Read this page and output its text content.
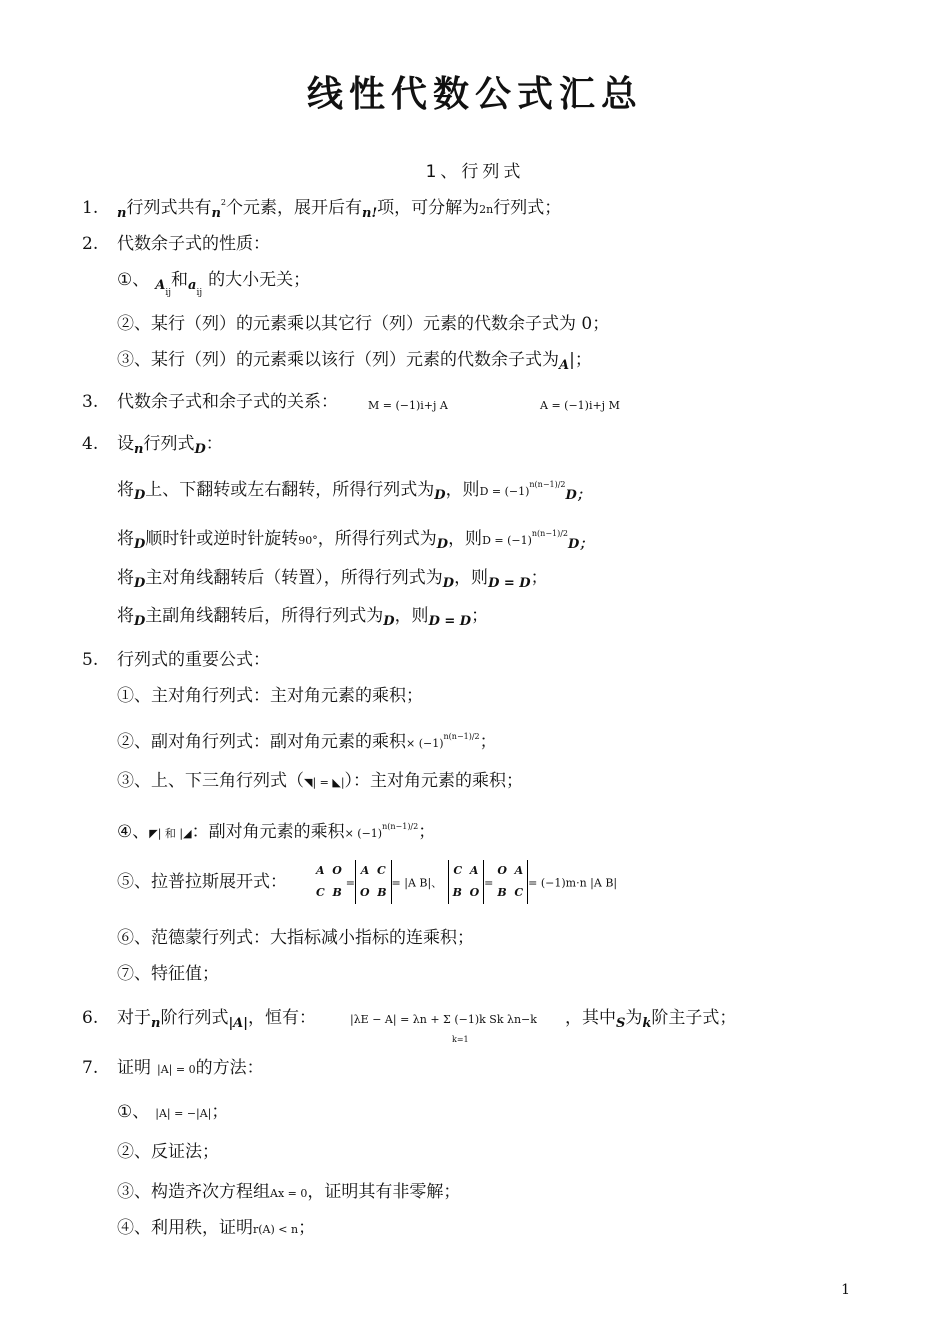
线性代数公式汇总
1、行列式
1. $_n$行列式共有$_n^2$个元素，展开后有$_{n!}$项，可分解为2n行列式；
2. 代数余子式的性质：
①、 $_{Aij}$和$_{aij}$的大小无关；
②、某行（列）的元素乘以其它行（列）元素的代数余子式为 0；
③、某行（列）的元素乘以该行（列）元素的代数余子式为$_A$|；
3. 代数余子式和余子式的关系：	M = (−1)i+j A	A = (−1)i+j M
4. 设$_n$行列式$_D$：
将$_D$上、下翻转或左右翻转，所得行列式为$_D$，则$D = (-1)^{n(n-1)/2}_{D;}$
将$_D$顺时针或逆时针旋转90°，所得行列式为$_D$，则$D = (-1)^{n(n-1)/2}_{D;}$
将$_D$主对角线翻转后（转置），所得行列式为$_D$，则$_{D = D}$；
将$_D$主副角线翻转后，所得行列式为$_D$，则$_{D = D}$；
5. 行列式的重要公式：
①、主对角行列式：主对角元素的乘积；
②、副对角行列式：副对角元素的乘积× $(-1)^{n(n-1)/2}$；
③、上、下三角行列式（◥| = ◣|）：主对角元素的乘积；
④、◤| 和 |◢：副对角元素的乘积× $(-1)^{n(n-1)/2}$；
⑤、拉普拉斯展开式：
A  O
C  B=A  C
O  B= |A B|、 C  A
B  O=O  A
B  C= (−1)m·n |A B|
⑥、范德蒙行列式：大指标减小指标的连乘积；
⑦、特征值；
6. 对于$_n$阶行列式$_{|A|}$，恒有：	|λE − A| = λn + Σ (−1)k Sk λn−k
k=1
，其中$_S$为$_k$阶主子式；
7. 证明 |A| = 0的方法：
①、 |A| = −|A|；
②、反证法；
③、构造齐次方程组Ax = 0，证明其有非零解；
④、利用秩，证明r(A) < n；
1
